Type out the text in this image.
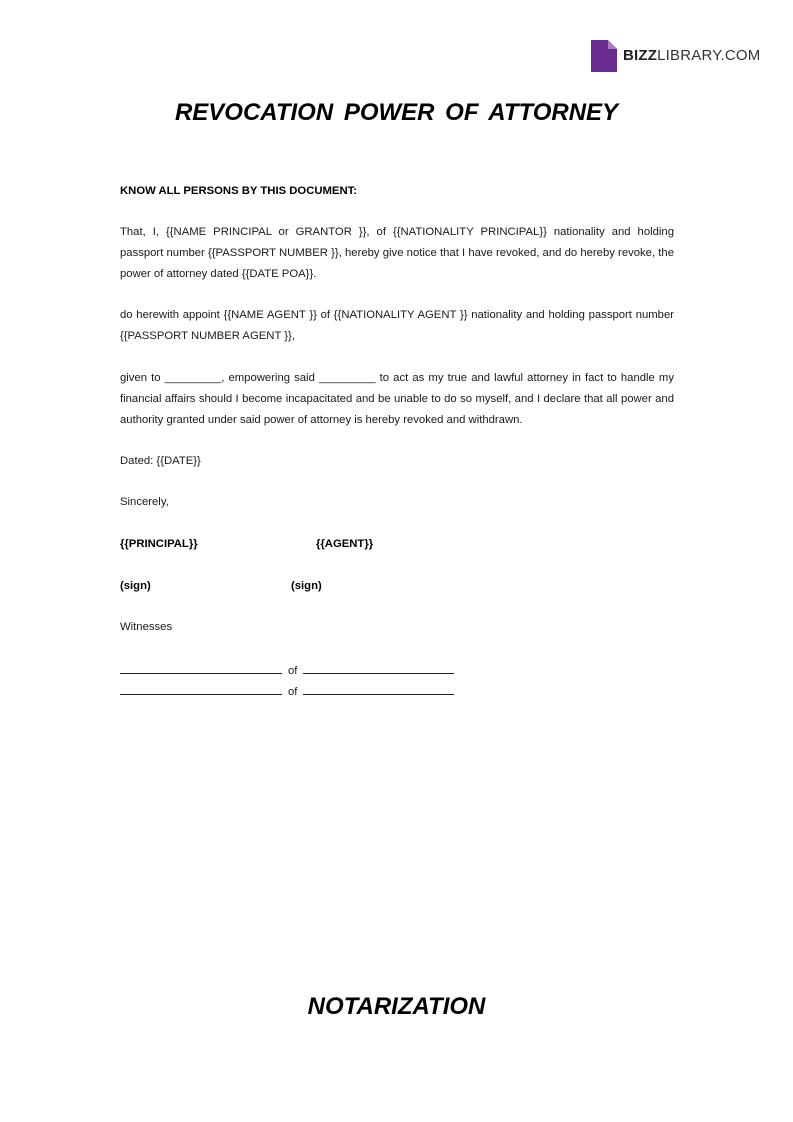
BIZZLIBRARY.COM
REVOCATION POWER OF ATTORNEY
KNOW ALL PERSONS BY THIS DOCUMENT:

That, I, {{NAME PRINCIPAL or GRANTOR }}, of {{NATIONALITY PRINCIPAL}} nationality and holding passport number {{PASSPORT NUMBER }}, hereby give notice that I have revoked, and do hereby revoke, the power of attorney dated {{DATE POA}}.

do herewith appoint {{NAME AGENT }} of {{NATIONALITY AGENT }} nationality and holding passport number {{PASSPORT NUMBER AGENT }},

given to _________, empowering said _________ to act as my true and lawful attorney in fact to handle my financial affairs should I become incapacitated and be unable to do so myself, and I declare that all power and authority granted under said power of attorney is hereby revoked and withdrawn.

Dated: {{DATE}}
Sincerely,
{{PRINCIPAL}}	{{AGENT}}
(sign)	(sign)
Witnesses
of
of
NOTARIZATION
